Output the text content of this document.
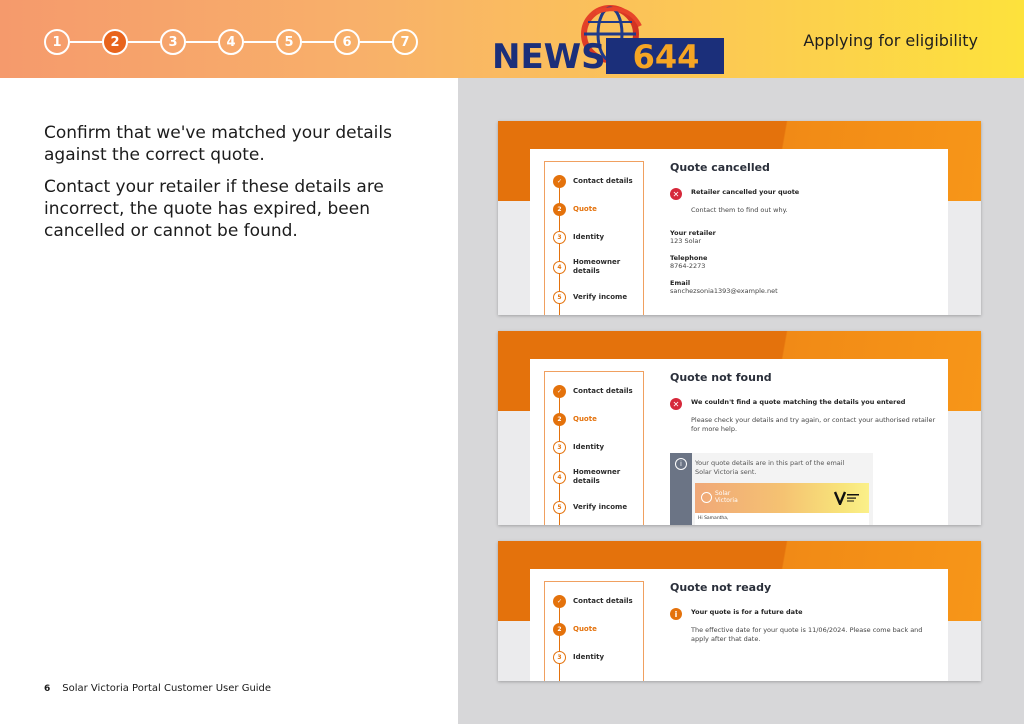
1	2	3	4	5	6	7	644
NEWS	Applying for eligibility

Confirm that we've matched your details against the correct quote.

Contact your retailer if these details are incorrect, the quote has expired, been cancelled or cannot be found.

6 Solar Victoria Portal Customer User Guide
✓	Contact details
2	Quote
3	Identity
4
Homeowner details
5	Verify income
Quote cancelled
✕	Retailer cancelled your quote
Contact them to find out why.
Your retailer
123 Solar
Telephone
8764-2273
Email
sanchezsonia1393@example.net
✓	Contact details
2	Quote
3	Identity
4
Homeowner details
5	Verify income
Quote not found
✕	We couldn't find a quote matching the details you entered
Please check your details and try again, or contact your authorised retailer for more help.
i	Your quote details are in this part of the email Solar Victoria sent.
Solar
Victoria
Hi Samantha,
✓	Contact details
2	Quote
3	Identity
Quote not ready
i	Your quote is for a future date
The effective date for your quote is 11/06/2024. Please come back and apply after that date.
